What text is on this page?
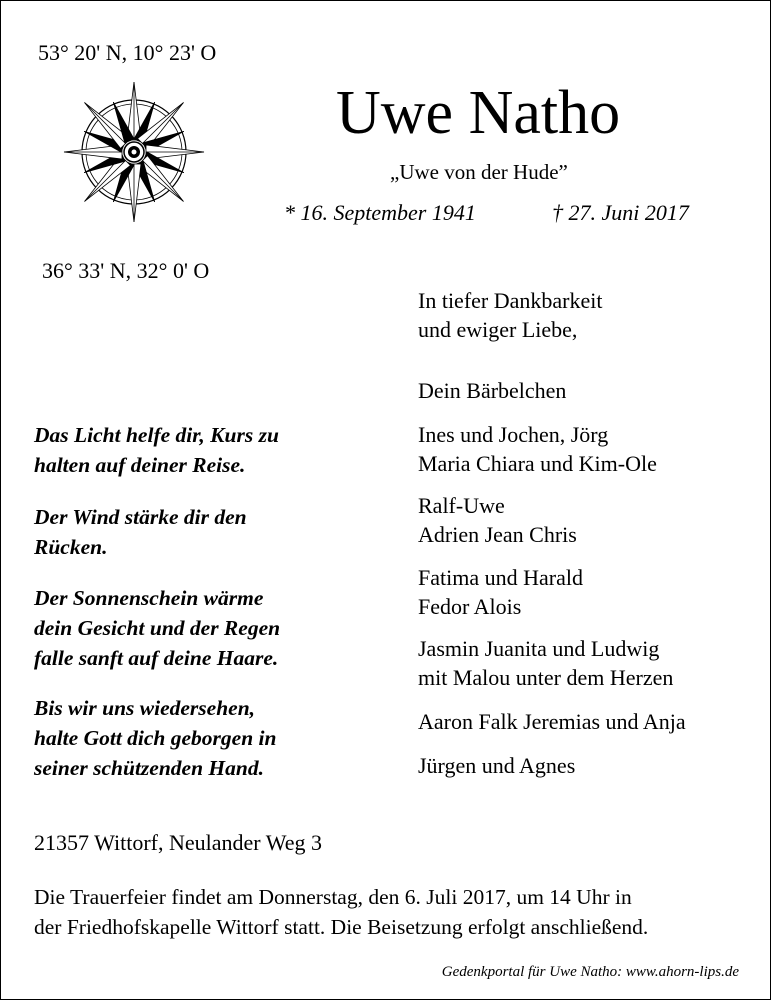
53° 20' N, 10° 23' O
Uwe Natho
„Uwe von der Hude”
* 16. September 1941	† 27. Juni 2017
36° 33' N, 32° 0' O
In tiefer Dankbarkeit
und ewiger Liebe,
Dein Bärbelchen
Ines und Jochen, Jörg
Maria Chiara und Kim-Ole
Ralf-Uwe
Adrien Jean Chris
Fatima und Harald
Fedor Alois
Jasmin Juanita und Ludwig
mit Malou unter dem Herzen
Aaron Falk Jeremias und Anja
Jürgen und Agnes
Das Licht helfe dir, Kurs zu
halten auf deiner Reise.
Der Wind stärke dir den
Rücken.
Der Sonnenschein wärme
dein Gesicht und der Regen
falle sanft auf deine Haare.
Bis wir uns wiedersehen,
halte Gott dich geborgen in
seiner schützenden Hand.
21357 Wittorf, Neulander Weg 3
Die Trauerfeier findet am Donnerstag, den 6. Juli 2017, um 14 Uhr in
der Friedhofskapelle Wittorf statt. Die Beisetzung erfolgt anschließend.
Gedenkportal für Uwe Natho: www.ahorn-lips.de
